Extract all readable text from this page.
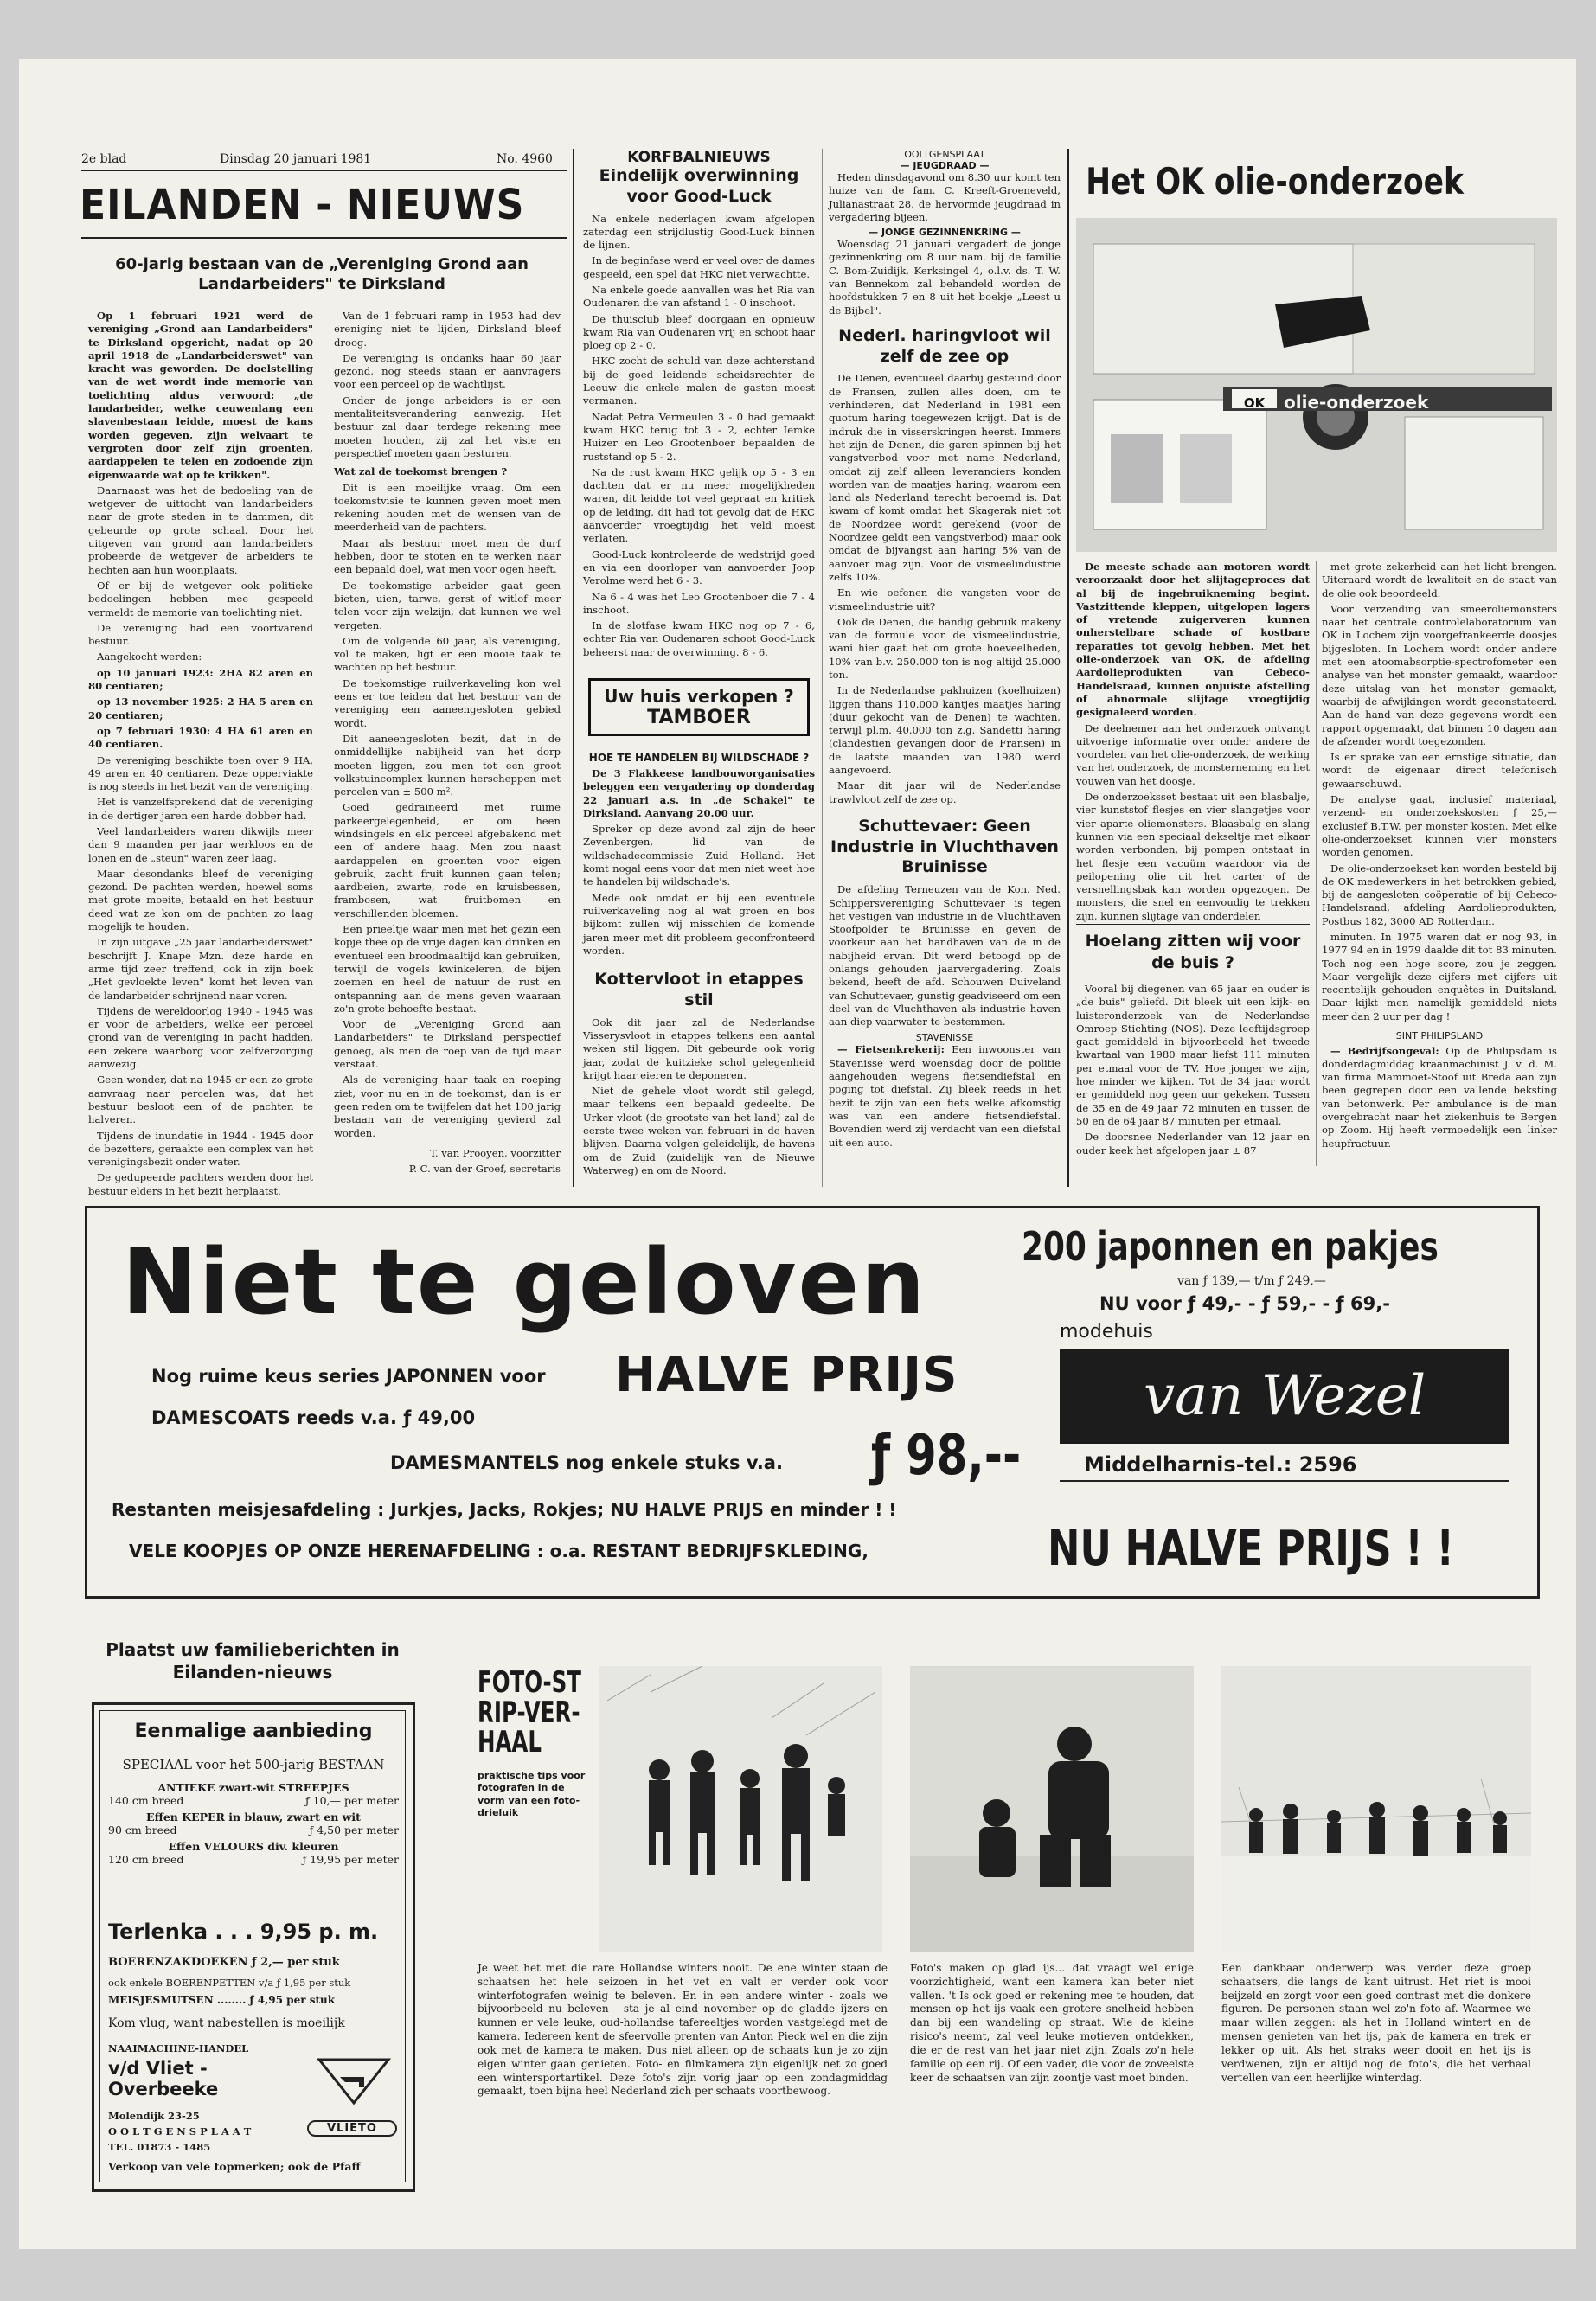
2e blad	Dinsdag 20 januari 1981	No. 4960
EILANDEN - NIEUWS
60-jarig bestaan van de „Vereniging Grond aan Landarbeiders" te Dirksland

Op 1 februari 1921 werd de vereniging „Grond aan Landarbeiders" te Dirksland opgericht, nadat op 20 april 1918 de „Landarbeiderswet" van kracht was geworden. De doelstelling van de wet wordt inde memorie van toelichting aldus verwoord: „de landarbeider, welke ceuwenlang een slavenbestaan leidde, moest de kans worden gegeven, zijn welvaart te vergroten door zelf zijn groenten, aardappelen te telen en zodoende zijn eigenwaarde wat op te krikken".

Daarnaast was het de bedoeling van de wetgever de uittocht van landarbeiders naar de grote steden in te dammen, dit gebeurde op grote schaal. Door het uitgeven van grond aan landarbeiders probeerde de wetgever de arbeiders te hechten aan hun woonplaats.

Of er bij de wetgever ook politieke bedoelingen hebben mee gespeeld vermeldt de memorie van toelichting niet.

De vereniging had een voortvarend bestuur.

Aangekocht werden:

op 10 januari 1923: 2HA 82 aren en 80 centiaren;

op 13 november 1925: 2 HA 5 aren en 20 centiaren;

op 7 februari 1930: 4 HA 61 aren en 40 centiaren.

De vereniging beschikte toen over 9 HA, 49 aren en 40 centiaren. Deze opperviakte is nog steeds in het bezit van de vereniging.

Het is vanzelfsprekend dat de vereniging in de dertiger jaren een harde dobber had.

Veel landarbeiders waren dikwijls meer dan 9 maanden per jaar werkloos en de lonen en de „steun" waren zeer laag.

Maar desondanks bleef de vereniging gezond. De pachten werden, hoewel soms met grote moeite, betaald en het bestuur deed wat ze kon om de pachten zo laag mogelijk te houden.

In zijn uitgave „25 jaar landarbeiderswet" beschrijft J. Knape Mzn. deze harde en arme tijd zeer treffend, ook in zijn boek „Het gevloekte leven" komt het leven van de landarbeider schrijnend naar voren.

Tijdens de wereldoorlog 1940 - 1945 was er voor de arbeiders, welke eer perceel grond van de vereniging in pacht hadden, een zekere waarborg voor zelfverzorging aanwezig.

Geen wonder, dat na 1945 er een zo grote aanvraag naar percelen was, dat het bestuur besloot een of de pachten te halveren.

Tijdens de inundatie in 1944 - 1945 door de bezetters, geraakte een complex van het verenigingsbezit onder water.

De gedupeerde pachters werden door het bestuur elders in het bezit herplaatst.

Van de 1 februari ramp in 1953 had dev ereniging niet te lijden, Dirksland bleef droog.

De vereniging is ondanks haar 60 jaar gezond, nog steeds staan er aanvragers voor een perceel op de wachtlijst.

Onder de jonge arbeiders is er een mentaliteitsverandering aanwezig. Het bestuur zal daar terdege rekening mee moeten houden, zij zal het visie en perspectief moeten gaan besturen.

Wat zal de toekomst brengen ?

Dit is een moeilijke vraag. Om een toekomstvisie te kunnen geven moet men rekening houden met de wensen van de meerderheid van de pachters.

Maar als bestuur moet men de durf hebben, door te stoten en te werken naar een bepaald doel, wat men voor ogen heeft.

De toekomstige arbeider gaat geen bieten, uien, tarwe, gerst of witlof meer telen voor zijn welzijn, dat kunnen we wel vergeten.

Om de volgende 60 jaar, als vereniging, vol te maken, ligt er een mooie taak te wachten op het bestuur.

De toekomstige ruilverkaveling kon wel eens er toe leiden dat het bestuur van de vereniging een aaneengesloten gebied wordt.

Dit aaneengesloten bezit, dat in de onmiddellijke nabijheid van het dorp moeten liggen, zou men tot een groot volkstuincomplex kunnen herscheppen met percelen van ± 500 m².

Goed gedraineerd met ruime parkeergelegenheid, er om heen windsingels en elk perceel afgebakend met een of andere haag. Men zou naast aardappelen en groenten voor eigen gebruik, zacht fruit kunnen gaan telen; aardbeien, zwarte, rode en kruisbessen, frambosen, wat fruitbomen en verschillenden bloemen.

Een prieeltje waar men met het gezin een kopje thee op de vrije dagen kan drinken en eventueel een broodmaaltijd kan gebruiken, terwijl de vogels kwinkeleren, de bijen zoemen en heel de natuur de rust en ontspanning aan de mens geven waaraan zo'n grote behoefte bestaat.

Voor de „Vereniging Grond aan Landarbeiders" te Dirksland perspectief genoeg, als men de roep van de tijd maar verstaat.

Als de vereniging haar taak en roeping ziet, voor nu en in de toekomst, dan is er geen reden om te twijfelen dat het 100 jarig bestaan van de vereniging gevierd zal worden.

T. van Prooyen, voorzitter

P. C. van der Groef, secretaris

KORFBALNIEUWS
Eindelijk overwinning voor Good-Luck

Na enkele nederlagen kwam afgelopen zaterdag een strijdlustig Good-Luck binnen de lijnen.

In de beginfase werd er veel over de dames gespeeld, een spel dat HKC niet verwachtte.

Na enkele goede aanvallen was het Ria van Oudenaren die van afstand 1 - 0 inschoot.

De thuisclub bleef doorgaan en opnieuw kwam Ria van Oudenaren vrij en schoot haar ploeg op 2 - 0.

HKC zocht de schuld van deze achterstand bij de goed leidende scheidsrechter de Leeuw die enkele malen de gasten moest vermanen.

Nadat Petra Vermeulen 3 - 0 had gemaakt kwam HKC terug tot 3 - 2, echter Iemke Huizer en Leo Grootenboer bepaalden de ruststand op 5 - 2.

Na de rust kwam HKC gelijk op 5 - 3 en dachten dat er nu meer mogelijkheden waren, dit leidde tot veel gepraat en kritiek op de leiding, dit had tot gevolg dat de HKC aanvoerder vroegtijdig het veld moest verlaten.

Good-Luck kontroleerde de wedstrijd goed en via een doorloper van aanvoerder Joop Verolme werd het 6 - 3.

Na 6 - 4 was het Leo Grootenboer die 7 - 4 inschoot.

In de slotfase kwam HKC nog op 7 - 6, echter Ria van Oudenaren schoot Good-Luck beheerst naar de overwinning. 8 - 6.

Uw huis verkopen ?
TAMBOER
HOE TE HANDELEN BIJ WILDSCHADE ?

De 3 Flakkeese landbouworganisaties beleggen een vergadering op donderdag 22 januari a.s. in „de Schakel" te Dirksland. Aanvang 20.00 uur.

Spreker op deze avond zal zijn de heer Zevenbergen, lid van de wildschadecommissie Zuid Holland. Het komt nogal eens voor dat men niet weet hoe te handelen bij wildschade's.

Mede ook omdat er bij een eventuele ruilverkaveling nog al wat groen en bos bijkomt zullen wij misschien de komende jaren meer met dit probleem geconfronteerd worden.

Kottervloot in etappes stil

Ook dit jaar zal de Nederlandse Visserysvloot in etappes telkens een aantal weken stil liggen. Dit gebeurde ook vorig jaar, zodat de kuitzieke schol gelegenheid krijgt haar eieren te deponeren.

Niet de gehele vloot wordt stil gelegd, maar telkens een bepaald gedeelte. De Urker vloot (de grootste van het land) zal de eerste twee weken van februari in de haven blijven. Daarna volgen geleidelijk, de havens om de Zuid (zuidelijk van de Nieuwe Waterweg) en om de Noord.

OOLTGENSPLAAT
— JEUGDRAAD —

Heden dinsdagavond om 8.30 uur komt ten huize van de fam. C. Kreeft-Groeneveld, Julianastraat 28, de hervormde jeugdraad in vergadering bijeen.

— JONGE GEZINNENKRING —

Woensdag 21 januari vergadert de jonge gezinnenkring om 8 uur nam. bij de familie C. Bom-Zuidijk, Kerksingel 4, o.l.v. ds. T. W. van Bennekom zal behandeld worden de hoofdstukken 7 en 8 uit het boekje „Leest u de Bijbel".

Nederl. haringvloot wil zelf de zee op

De Denen, eventueel daarbij gesteund door de Fransen, zullen alles doen, om te verhinderen, dat Nederland in 1981 een quotum haring toegewezen krijgt. Dat is de indruk die in visserskringen heerst. Immers het zijn de Denen, die garen spinnen bij het vangstverbod voor met name Nederland, omdat zij zelf alleen leveranciers konden worden van de maatjes haring, waarom een land als Nederland terecht beroemd is. Dat kwam of komt omdat het Skagerak niet tot de Noordzee wordt gerekend (voor de Noordzee geldt een vangstverbod) maar ook omdat de bijvangst aan haring 5% van de aanvoer mag zijn. Voor de vismeelindustrie zelfs 10%.

En wie oefenen die vangsten voor de vismeelindustrie uit?

Ook de Denen, die handig gebruik makeny van de formule voor de vismeelindustrie, wani hier gaat het om grote hoeveelheden, 10% van b.v. 250.000 ton is nog altijd 25.000 ton.

In de Nederlandse pakhuizen (koelhuizen) liggen thans 110.000 kantjes maatjes haring (duur gekocht van de Denen) te wachten, terwijl pl.m. 40.000 ton z.g. Sandetti haring (clandestien gevangen door de Fransen) in de laatste maanden van 1980 werd aangevoerd.

Maar dit jaar wil de Nederlandse trawlvloot zelf de zee op.

Schuttevaer: Geen Industrie in Vluchthaven Bruinisse

De afdeling Terneuzen van de Kon. Ned. Schippersvereniging Schuttevaer is tegen het vestigen van industrie in de Vluchthaven Stoofpolder te Bruinisse en geven de voorkeur aan het handhaven van de in de nabijheid ervan. Dit werd betoogd op de onlangs gehouden jaarvergadering. Zoals bekend, heeft de afd. Schouwen Duiveland van Schuttevaer, gunstig geadviseerd om een deel van de Vluchthaven als industrie haven aan diep vaarwater te bestemmen.

STAVENISSE

— Fietsenkrekerij: Een inwoonster van Stavenisse werd woensdag door de politie aangehouden wegens fietsendiefstal en poging tot diefstal. Zij bleek reeds in het bezit te zijn van een fiets welke afkomstig was van een andere fietsendiefstal. Bovendien werd zij verdacht van een diefstal uit een auto.

Het OK olie-onderzoek
OK	olie-onderzoek

De meeste schade aan motoren wordt veroorzaakt door het slijtageproces dat al bij de ingebruikneming begint. Vastzittende kleppen, uitgelopen lagers of vretende zuigerveren kunnen onherstelbare schade of kostbare reparaties tot gevolg hebben. Met het olie-onderzoek van OK, de afdeling Aardolieprodukten van Cebeco-Handelsraad, kunnen onjuiste afstelling of abnormale slijtage vroegtijdig gesignaleerd worden.

De deelnemer aan het onderzoek ontvangt uitvoerige informatie over onder andere de voordelen van het olie-onderzoek, de werking van het onderzoek, de monsterneming en het vouwen van het doosje.

De onderzoeksset bestaat uit een blasbalje, vier kunststof flesjes en vier slangetjes voor vier aparte oliemonsters. Blaasbalg en slang kunnen via een speciaal dekseltje met elkaar worden verbonden, bij pompen ontstaat in het flesje een vacuüm waardoor via de peilopening olie uit het carter of de versnellingsbak kan worden opgezogen. De monsters, die snel en eenvoudig te trekken zijn, kunnen slijtage van onderdelen

met grote zekerheid aan het licht brengen. Uiteraard wordt de kwaliteit en de staat van de olie ook beoordeeld.

Voor verzending van smeeroliemonsters naar het centrale controlelaboratorium van OK in Lochem zijn voorgefrankeerde doosjes bijgesloten. In Lochem wordt onder andere met een atoomabsorptie-spectrofometer een analyse van het monster gemaakt, waardoor deze uitslag van het monster gemaakt, waarbij de afwijkingen wordt geconstateerd. Aan de hand van deze gegevens wordt een rapport opgemaakt, dat binnen 10 dagen aan de afzender wordt toegezonden.

Is er sprake van een ernstige situatie, dan wordt de eigenaar direct telefonisch gewaarschuwd.

De analyse gaat, inclusief materiaal, verzend- en onderzoekskosten ƒ 25,— exclusief B.T.W. per monster kosten. Met elke olie-onderzoekset kunnen vier monsters worden genomen.

De olie-onderzoekset kan worden besteld bij de OK medewerkers in het betrokken gebied, bij de aangesloten coöperatie of bij Cebeco-Handelsraad, afdeling Aardolieprodukten, Postbus 182, 3000 AD Rotterdam.

Hoelang zitten wij voor de buis ?

Vooral bij diegenen van 65 jaar en ouder is „de buis" geliefd. Dit bleek uit een kijk- en luisteronderzoek van de Nederlandse Omroep Stichting (NOS). Deze leeftijdsgroep gaat gemiddeld in bijvoorbeeld het tweede kwartaal van 1980 maar liefst 111 minuten per etmaal voor de TV. Hoe jonger we zijn, hoe minder we kijken. Tot de 34 jaar wordt er gemiddeld nog geen uur gekeken. Tussen de 35 en de 49 jaar 72 minuten en tussen de 50 en de 64 jaar 87 minuten per etmaal.

De doorsnee Nederlander van 12 jaar en ouder keek het afgelopen jaar ± 87

minuten. In 1975 waren dat er nog 93, in 1977 94 en in 1979 daalde dit tot 83 minuten. Toch nog een hoge score, zou je zeggen. Maar vergelijk deze cijfers met cijfers uit recentelijk gehouden enquêtes in Duitsland. Daar kijkt men namelijk gemiddeld niets meer dan 2 uur per dag !

SINT PHILIPSLAND

— Bedrijfsongeval: Op de Philipsdam is donderdagmiddag kraanmachinist J. v. d. M. van firma Mammoet-Stoof uit Breda aan zijn been gegrepen door een vallende beksting van betonwerk. Per ambulance is de man overgebracht naar het ziekenhuis te Bergen op Zoom. Hij heeft vermoedelijk een linker heupfractuur.

Niet te geloven 200 japonnen en pakjes
van ƒ 139,— t/m ƒ 249,—
NU voor ƒ 49,- - ƒ 59,- - ƒ 69,-
modehuis
van Wezel
Middelharnis-tel.: 2596
Nog ruime keus series JAPONNEN voor HALVE PRIJS
DAMESCOATS reeds v.a. ƒ 49,00
DAMESMANTELS nog enkele stuks v.a. ƒ 98,--
Restanten meisjesafdeling : Jurkjes, Jacks, Rokjes; NU HALVE PRIJS en minder ! !
VELE KOOPJES OP ONZE HERENAFDELING : o.a. RESTANT BEDRIJFSKLEDING,	NU HALVE PRIJS ! !
Plaatst uw familieberichten in Eilanden-nieuws
Eenmalige aanbieding
SPECIAAL voor het 500-jarig BESTAAN
ANTIEKE zwart-wit STREEPJES
140 cm breed	ƒ 10,— per meter
Effen KEPER in blauw, zwart en wit
90 cm breed	ƒ 4,50 per meter
Effen VELOURS div. kleuren
120 cm breed	ƒ 19,95 per meter
Terlenka . . . 9,95 p. m.
BOERENZAKDOEKEN ƒ 2,— per stuk
ook enkele BOERENPETTEN v/a ƒ 1,95 per stuk
MEISJESMUTSEN ........ ƒ 4,95 per stuk
Kom vlug, want nabestellen is moeilijk
NAAIMACHINE-HANDEL
v/d Vliet - Overbeeke
Molendijk 23-25
O O L T G E N S P L A A T
TEL. 01873 - 1485
VLIETO
Verkoop van vele topmerken; ook de Pfaff
FOTO-STRIP-VER-HAAL
praktische tips voor fotografen in de vorm van een foto-drieluik

Je weet het met die rare Hollandse winters nooit. De ene winter staan de schaatsen het hele seizoen in het vet en valt er verder ook voor winterfotografen weinig te beleven. En in een andere winter - zoals we bijvoorbeeld nu beleven - sta je al eind november op de gladde ijzers en kunnen er vele leuke, oud-hollandse tafereeltjes worden vastgelegd met de kamera. Iedereen kent de sfeervolle prenten van Anton Pieck wel en die zijn ook met de kamera te maken. Dus niet alleen op de schaats kun je zo zijn eigen winter gaan genieten. Foto- en filmkamera zijn eigenlijk net zo goed een wintersportartikel. Deze foto's zijn vorig jaar op een zondagmiddag gemaakt, toen bijna heel Nederland zich per schaats voortbewoog.

Foto's maken op glad ijs... dat vraagt wel enige voorzichtigheid, want een kamera kan beter niet vallen. 't Is ook goed er rekening mee te houden, dat mensen op het ijs vaak een grotere snelheid hebben dan bij een wandeling op straat. Wie de kleine risico's neemt, zal veel leuke motieven ontdekken, die er de rest van het jaar niet zijn. Zoals zo'n hele familie op een rij. Of een vader, die voor de zoveelste keer de schaatsen van zijn zoontje vast moet binden.

Een dankbaar onderwerp was verder deze groep schaatsers, die langs de kant uitrust. Het riet is mooi beijzeld en zorgt voor een goed contrast met die donkere figuren. De personen staan wel zo'n foto af. Waarmee we maar willen zeggen: als het in Holland wintert en de mensen genieten van het ijs, pak de kamera en trek er lekker op uit. Als het straks weer dooit en het ijs is verdwenen, zijn er altijd nog de foto's, die het verhaal vertellen van een heerlijke winterdag.
